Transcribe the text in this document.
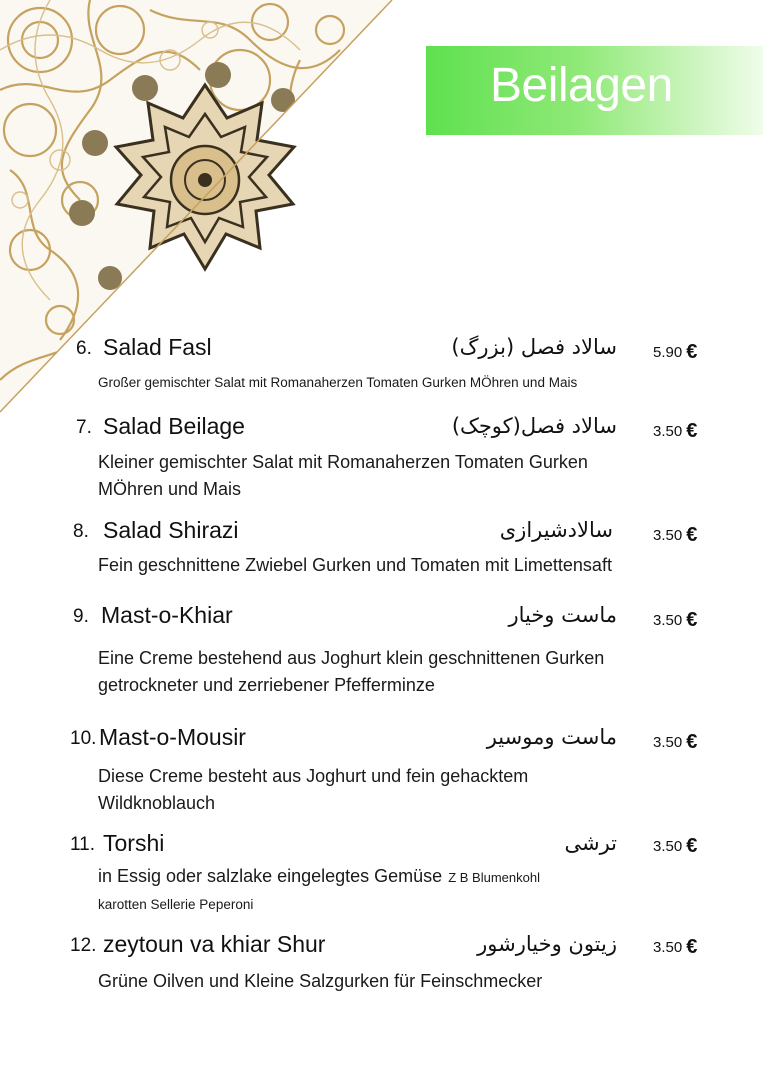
Beilagen
6. Salad Fasl	سالاد فصل (بزرگ) 5.90 €
Großer gemischter Salat mit Romanaherzen Tomaten Gurken MÖhren und Mais
7. Salad Beilage	سالاد فصل(کوچک) 3.50 €
Kleiner gemischter Salat mit Romanaherzen Tomaten Gurken
MÖhren und Mais
8. Salad Shirazi	سالادشیرازی	3.50 €
Fein geschnittene Zwiebel Gurken und Tomaten mit Limettensaft
9. Mast-o-Khiar	ماست وخیار 3.50 €
Eine Creme bestehend aus Joghurt klein geschnittenen Gurken
getrockneter und zerriebener Pfefferminze
10. Mast-o-Mousir	ماست وموسیر 3.50 €
Diese Creme besteht aus Joghurt und fein gehacktem
Wildknoblauch
11. Torshi	ترشی 3.50 €
in Essig oder salzlake eingelegtes Gemüse Z B Blumenkohl
karotten Sellerie Peperoni
12. zeytoun va khiar Shur	زیتون وخیارشور 3.50 €
Grüne Oilven und Kleine Salzgurken für Feinschmecker
